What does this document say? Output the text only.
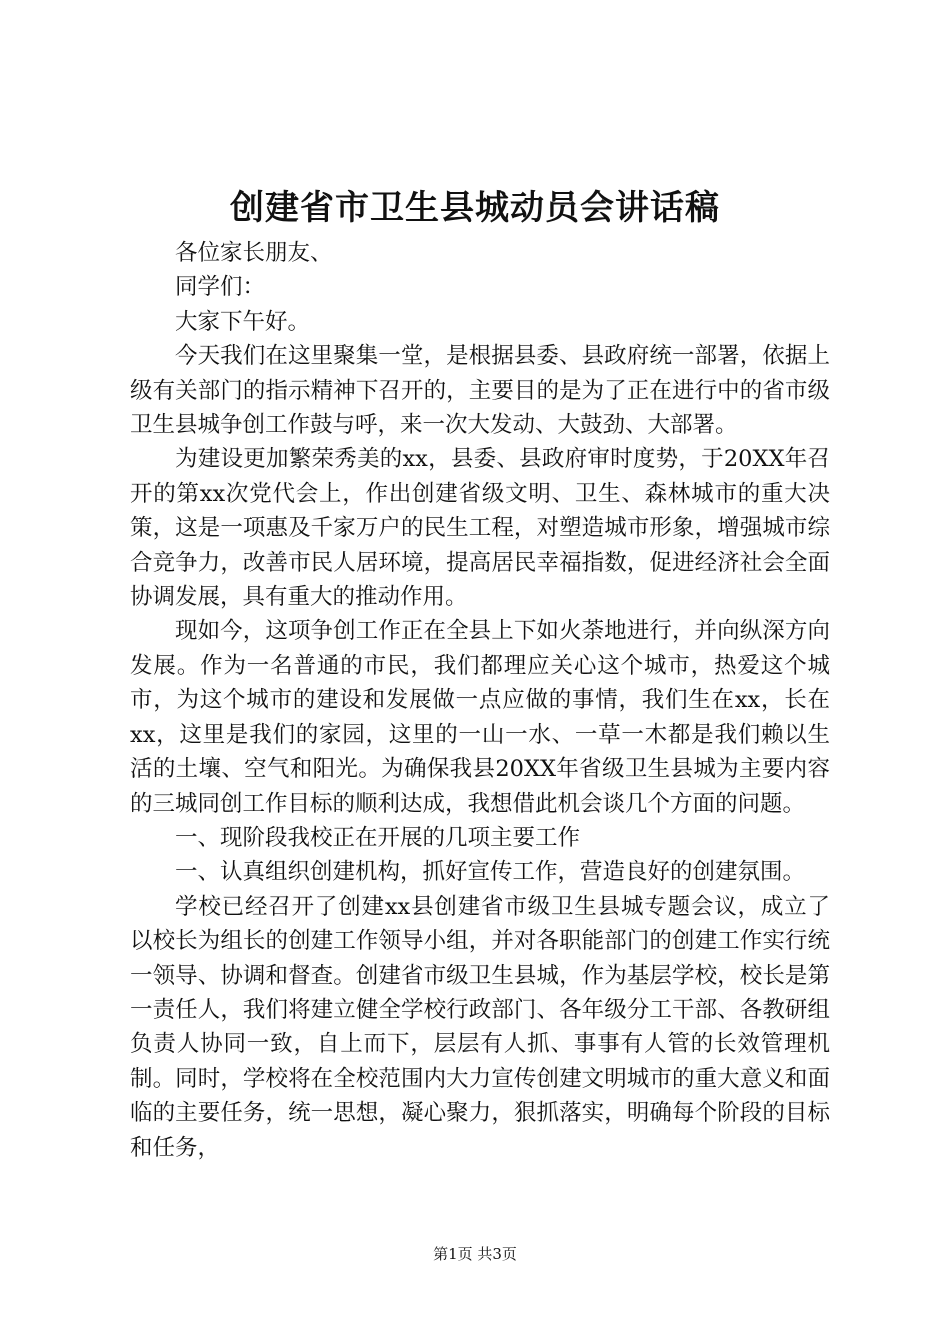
创建省市卫生县城动员会讲话稿

各位家长朋友、

同学们：

大家下午好。

今天我们在这里聚集一堂，是根据县委、县政府统一部署，依据上级有关部门的指示精神下召开的，主要目的是为了正在进行中的省市级卫生县城争创工作鼓与呼，来一次大发动、大鼓劲、大部署。

为建设更加繁荣秀美的xx，县委、县政府审时度势，于20XX年召开的第xx次党代会上，作出创建省级文明、卫生、森林城市的重大决策，这是一项惠及千家万户的民生工程，对塑造城市形象，增强城市综合竞争力，改善市民人居环境，提高居民幸福指数，促进经济社会全面协调发展，具有重大的推动作用。

现如今，这项争创工作正在全县上下如火荼地进行，并向纵深方向发展。作为一名普通的市民，我们都理应关心这个城市，热爱这个城市，为这个城市的建设和发展做一点应做的事情，我们生在xx，长在xx，这里是我们的家园，这里的一山一水、一草一木都是我们赖以生活的土壤、空气和阳光。为确保我县20XX年省级卫生县城为主要内容的三城同创工作目标的顺利达成，我想借此机会谈几个方面的问题。

一、现阶段我校正在开展的几项主要工作

一、认真组织创建机构，抓好宣传工作，营造良好的创建氛围。

学校已经召开了创建xx县创建省市级卫生县城专题会议，成立了以校长为组长的创建工作领导小组，并对各职能部门的创建工作实行统一领导、协调和督查。创建省市级卫生县城，作为基层学校，校长是第一责任人，我们将建立健全学校行政部门、各年级分工干部、各教研组负责人协同一致，自上而下，层层有人抓、事事有人管的长效管理机制。同时，学校将在全校范围内大力宣传创建文明城市的重大意义和面临的主要任务，统一思想，凝心聚力，狠抓落实，明确每个阶段的目标和任务，

第1页 共3页
